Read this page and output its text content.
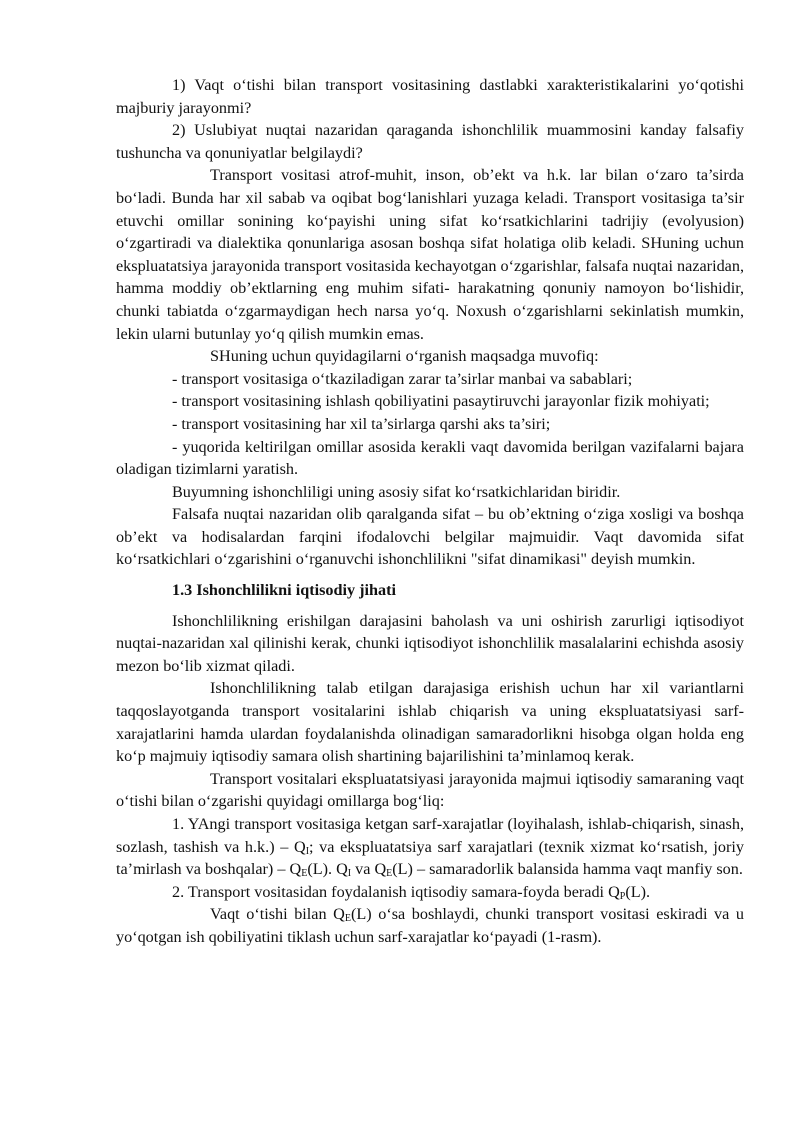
1) Vaqt o‘tishi bilan transport vositasining dastlabki xarakteristikalarini yo‘qotishi majburiy jarayonmi?

2) Uslubiyat nuqtai nazaridan qaraganda ishonchlilik muammosini kanday falsafiy tushuncha va qonuniyatlar belgilaydi?

Transport vositasi atrof-muhit, inson, ob’ekt va h.k. lar bilan o‘zaro ta’sirda bo‘ladi. Bunda har xil sabab va oqibat bog‘lanishlari yuzaga keladi. Transport vositasiga ta’sir etuvchi omillar sonining ko‘payishi uning sifat ko‘rsatkichlarini tadrijiy (evolyusion) o‘zgartiradi va dialektika qonunlariga asosan boshqa sifat holatiga olib keladi. SHuning uchun ekspluatatsiya jarayonida transport vositasida kechayotgan o‘zgarishlar, falsafa nuqtai nazaridan, hamma moddiy ob’ektlarning eng muhim sifati- harakatning qonuniy namoyon bo‘lishidir, chunki tabiatda o‘zgarmaydigan hech narsa yo‘q. Noxush o‘zgarishlarni sekinlatish mumkin, lekin ularni butunlay yo‘q qilish mumkin emas.

SHuning uchun quyidagilarni o‘rganish maqsadga muvofiq:

- transport vositasiga o‘tkaziladigan zarar ta’sirlar manbai va sabablari;

- transport vositasining ishlash qobiliyatini pasaytiruvchi jarayonlar fizik mohiyati;

- transport vositasining har xil ta’sirlarga qarshi aks ta’siri;

- yuqorida keltirilgan omillar asosida kerakli vaqt davomida berilgan vazifalarni bajara oladigan tizimlarni yaratish.

Buyumning ishonchliligi uning asosiy sifat ko‘rsatkichlaridan biridir.

Falsafa nuqtai nazaridan olib qaralganda sifat – bu ob’ektning o‘ziga xosligi va boshqa ob’ekt va hodisalardan farqini ifodalovchi belgilar majmuidir. Vaqt davomida sifat ko‘rsatkichlari o‘zgarishini o‘rganuvchi ishonchlilikni "sifat dinamikasi" deyish mumkin.

1.3 Ishonchlilikni iqtisodiy jihati

Ishonchlilikning erishilgan darajasini baholash va uni oshirish zarurligi iqtisodiyot nuqtai-nazaridan xal qilinishi kerak, chunki iqtisodiyot ishonchlilik masalalarini echishda asosiy mezon bo‘lib xizmat qiladi.

Ishonchlilikning talab etilgan darajasiga erishish uchun har xil variantlarni taqqoslayotganda transport vositalarini ishlab chiqarish va uning ekspluatatsiyasi sarf-xarajatlarini hamda ulardan foydalanishda olinadigan samaradorlikni hisobga olgan holda eng ko‘p majmuiy iqtisodiy samara olish shartining bajarilishini ta’minlamoq kerak.

Transport vositalari ekspluatatsiyasi jarayonida majmui iqtisodiy samaraning vaqt o‘tishi bilan o‘zgarishi quyidagi omillarga bog‘liq:

1. YAngi transport vositasiga ketgan sarf-xarajatlar (loyihalash, ishlab-chiqarish, sinash, sozlash, tashish va $h.k.) - Q_I$; va ekspluatatsiya sarf xarajatlari (texnik xizmat ko‘rsatish, joriy ta’mirlash va boshqalar) – $Q_E(L)$. $Q_I$ va $Q_E(L)$ – samaradorlik balansida hamma vaqt manfiy son.

2. Transport vositasidan foydalanish iqtisodiy samara-foyda beradi $Q_P(L)$.

Vaqt o‘tishi bilan $Q_E(L)$ o‘sa boshlaydi, chunki transport vositasi eskiradi va u yo‘qotgan ish qobiliyatini tiklash uchun sarf-xarajatlar ko‘payadi (1-rasm).
